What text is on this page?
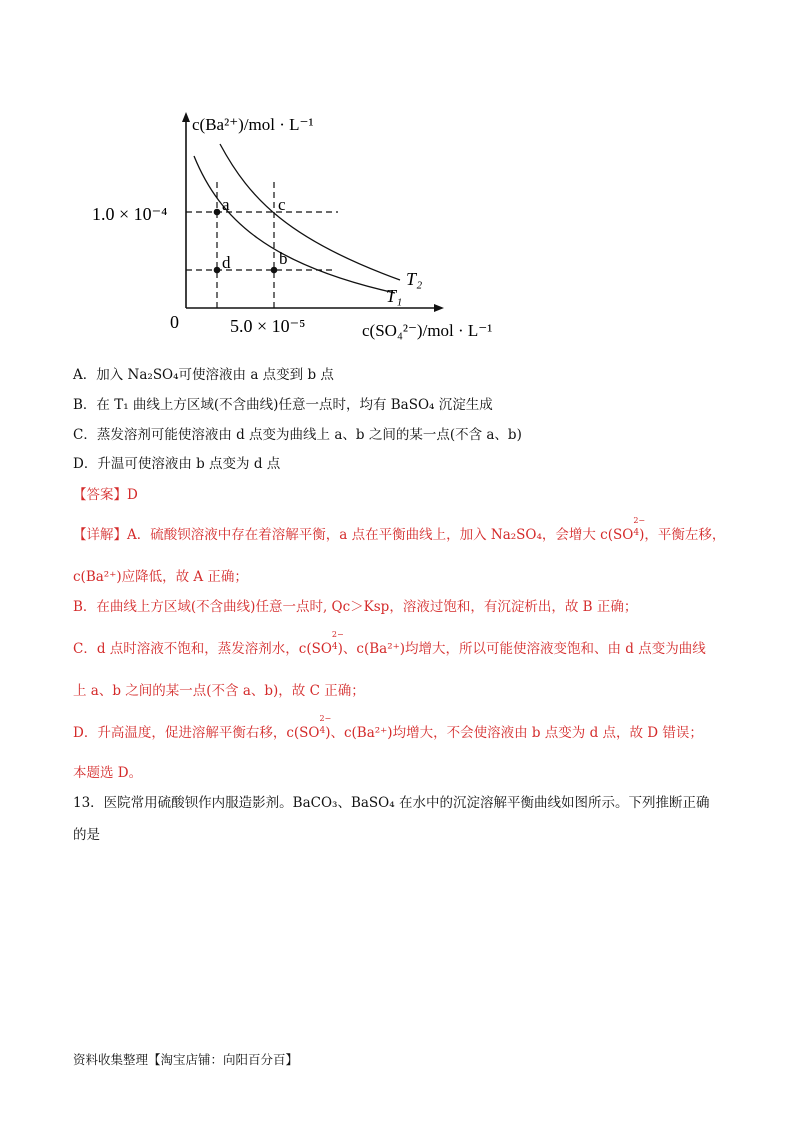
a	c
d	b
c(Ba²⁺)/mol · L⁻¹
1.0 × 10⁻⁴
5.0 × 10⁻⁵
0	c(SO₄²⁻)/mol · L⁻¹
T₂
T₁
A．加入 Na₂SO₄可使溶液由 a 点变到 b 点
B．在 T₁ 曲线上方区域(不含曲线)任意一点时，均有 BaSO₄ 沉淀生成
C．蒸发溶剂可能使溶液由 d 点变为曲线上 a、b 之间的某一点(不含 a、b)
D．升温可使溶液由 b 点变为 d 点
【答案】D
【详解】A．硫酸钡溶液中存在着溶解平衡，a 点在平衡曲线上，加入 Na₂SO₄，会增大 c(SO
2−
$^4$)，平衡左移，
c(Ba²⁺)应降低，故 A 正确；
B．在曲线上方区域(不含曲线)任意一点时, Qc＞Ksp，溶液过饱和，有沉淀析出，故 B 正确；
C．d 点时溶液不饱和，蒸发溶剂水，c(SO
2−
$^4$)、c(Ba²⁺)均增大，所以可能使溶液变饱和、由 d 点变为曲线
上 a、b 之间的某一点(不含 a、b)，故 C 正确；
D．升高温度，促进溶解平衡右移，c(SO
2−
$^4$)、c(Ba²⁺)均增大，不会使溶液由 b 点变为 d 点，故 D 错误；
本题选 D。
13．医院常用硫酸钡作内服造影剂。BaCO₃、BaSO₄ 在水中的沉淀溶解平衡曲线如图所示。下列推断正确
的是
资料收集整理【淘宝店铺：向阳百分百】
